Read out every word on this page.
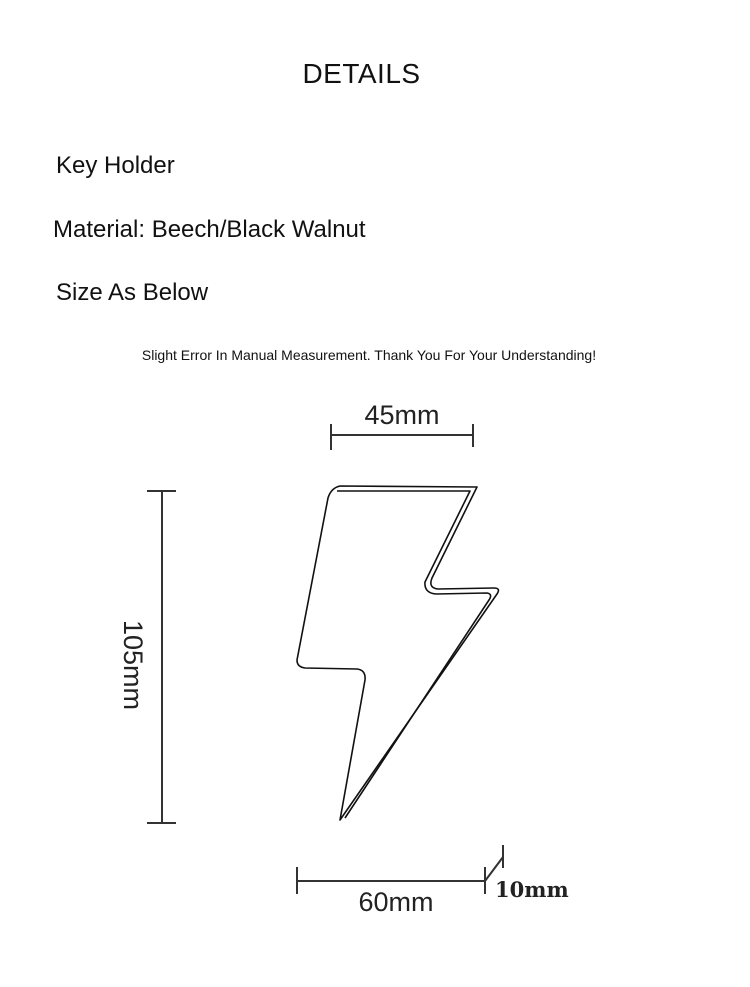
DETAILS
Key Holder
Material: Beech/Black Walnut
Size As Below
Slight Error In Manual Measurement. Thank You For Your Understanding!
45mm
105mm
60mm	10mm
